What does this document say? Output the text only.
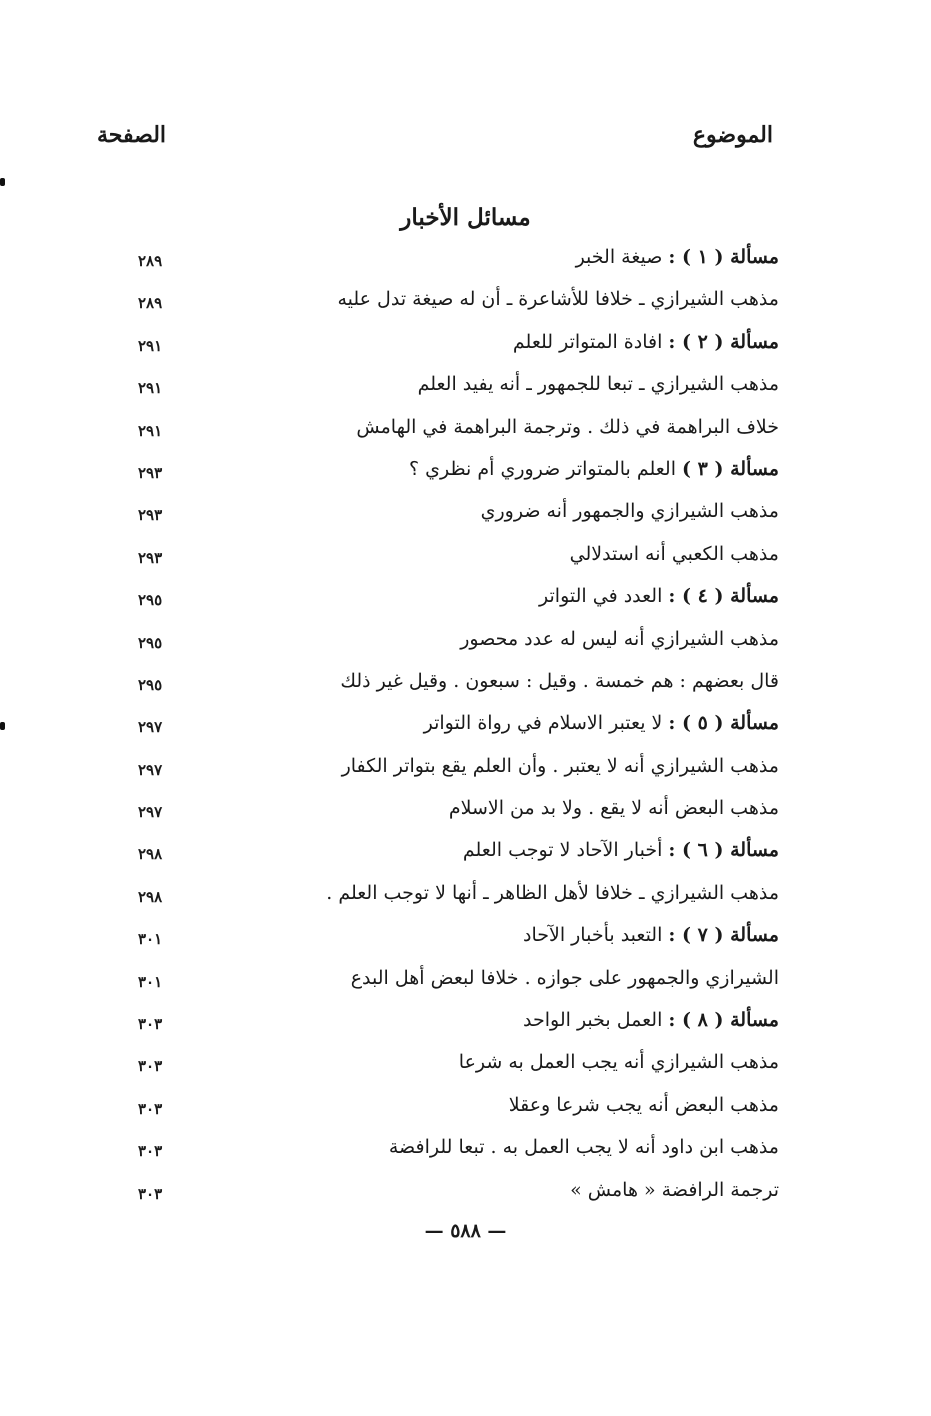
الموضوع
الصفحة
مسائل الأخبار
مسألة ( ١ ) : صيغة الخبر
٢٨٩
مذهب الشيرازي ـ خلافا للأشاعرة ـ أن له صيغة تدل عليه
٢٨٩
مسألة ( ٢ ) : افادة المتواتر للعلم
٢٩١
مذهب الشيرازي ـ تبعا للجمهور ـ أنه يفيد العلم
٢٩١
خلاف البراهمة في ذلك . وترجمة البراهمة في الهامش
٢٩١
مسألة ( ٣ ) العلم بالمتواتر ضروري أم نظري ؟
٢٩٣
مذهب الشيرازي والجمهور أنه ضروري
٢٩٣
مذهب الكعبي أنه استدلالي
٢٩٣
مسألة ( ٤ ) : العدد في التواتر
٢٩٥
مذهب الشيرازي أنه ليس له عدد محصور
٢٩٥
قال بعضهم : هم خمسة . وقيل : سبعون . وقيل غير ذلك
٢٩٥
مسألة ( ٥ ) : لا يعتبر الاسلام في رواة التواتر
٢٩٧
مذهب الشيرازي أنه لا يعتبر . وأن العلم يقع بتواتر الكفار
٢٩٧
مذهب البعض أنه لا يقع . ولا بد من الاسلام
٢٩٧
مسألة ( ٦ ) : أخبار الآحاد لا توجب العلم
٢٩٨
مذهب الشيرازي ـ خلافا لأهل الظاهر ـ أنها لا توجب العلم .
٢٩٨
مسألة ( ٧ ) : التعبد بأخبار الآحاد
٣٠١
الشيرازي والجمهور على جوازه . خلافا لبعض أهل البدع
٣٠١
مسألة ( ٨ ) : العمل بخبر الواحد
٣٠٣
مذهب الشيرازي أنه يجب العمل به شرعا
٣٠٣
مذهب البعض أنه يجب شرعا وعقلا
٣٠٣
مذهب ابن داود أنه لا يجب العمل به . تبعا للرافضة
٣٠٣
ترجمة الرافضة « هامش »
٣٠٣
— ٥٨٨ —
